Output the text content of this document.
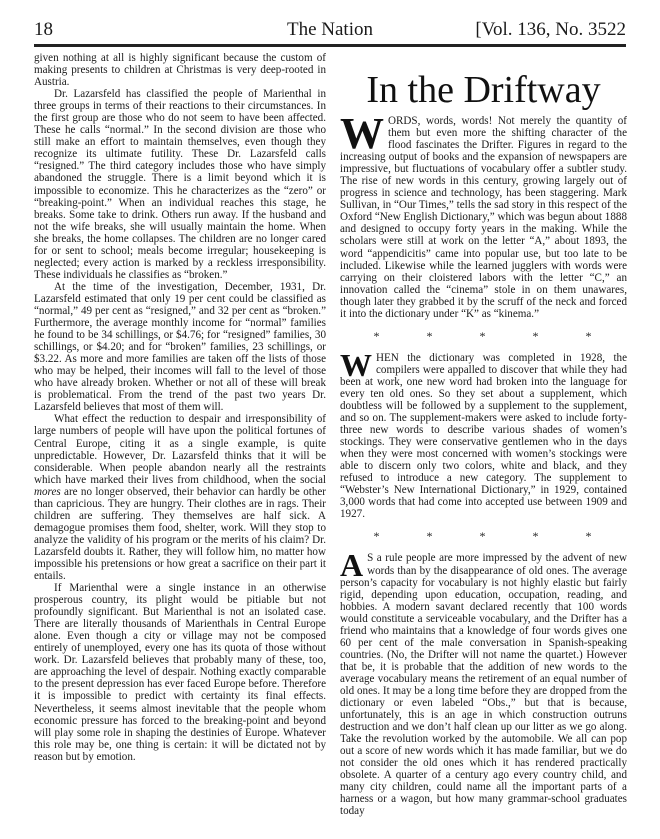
18	The Nation	[Vol. 136, No. 3522

given nothing at all is highly significant because the custom of making presents to children at Christmas is very deep-rooted in Austria.

Dr. Lazarsfeld has classified the people of Marienthal in three groups in terms of their reactions to their circumstances. In the first group are those who do not seem to have been affected. These he calls “normal.” In the second division are those who still make an effort to maintain themselves, even though they recognize its ultimate futility. These Dr. Lazarsfeld calls “resigned.” The third category includes those who have simply abandoned the struggle. There is a limit beyond which it is impossible to economize. This he characterizes as the “zero” or “breaking-point.” When an individual reaches this stage, he breaks. Some take to drink. Others run away. If the husband and not the wife breaks, she will usually maintain the home. When she breaks, the home collapses. The children are no longer cared for or sent to school; meals become irregular; housekeeping is neglected; every action is marked by a reckless irresponsibility. These individuals he classifies as “broken.”

At the time of the investigation, December, 1931, Dr. Lazarsfeld estimated that only 19 per cent could be classified as “normal,” 49 per cent as “resigned,” and 32 per cent as “broken.” Furthermore, the average monthly income for “normal” families he found to be 34 schillings, or $4.76; for “resigned” families, 30 schillings, or $4.20; and for “broken” families, 23 schillings, or $3.22. As more and more families are taken off the lists of those who may be helped, their incomes will fall to the level of those who have already broken. Whether or not all of these will break is problematical. From the trend of the past two years Dr. Lazarsfeld believes that most of them will.

What effect the reduction to despair and irresponsibility of large numbers of people will have upon the political fortunes of Central Europe, citing it as a single example, is quite unpredictable. However, Dr. Lazarsfeld thinks that it will be considerable. When people abandon nearly all the restraints which have marked their lives from childhood, when the social mores are no longer observed, their behavior can hardly be other than capricious. They are hungry. Their clothes are in rags. Their children are suffering. They themselves are half sick. A demagogue promises them food, shelter, work. Will they stop to analyze the validity of his program or the merits of his claim? Dr. Lazarsfeld doubts it. Rather, they will follow him, no matter how impossible his pretensions or how great a sacrifice on their part it entails.

If Marienthal were a single instance in an otherwise prosperous country, its plight would be pitiable but not profoundly significant. But Marienthal is not an isolated case. There are literally thousands of Marienthals in Central Europe alone. Even though a city or village may not be composed entirely of unemployed, every one has its quota of those without work. Dr. Lazarsfeld believes that probably many of these, too, are approaching the level of despair. Nothing exactly comparable to the present depression has ever faced Europe before. Therefore it is impossible to predict with certainty its final effects. Nevertheless, it seems almost inevitable that the people whom economic pressure has forced to the breaking-point and beyond will play some role in shaping the destinies of Europe. Whatever this role may be, one thing is certain: it will be dictated not by reason but by emotion.

In the Driftway

WORDS, words, words! Not merely the quantity of them but even more the shifting character of the flood fascinates the Drifter. Figures in regard to the increasing output of books and the expansion of newspapers are impressive, but fluctuations of vocabulary offer a subtler study. The rise of new words in this century, growing largely out of progress in science and technology, has been staggering. Mark Sullivan, in “Our Times,” tells the sad story in this respect of the Oxford “New English Dictionary,” which was begun about 1888 and designed to occupy forty years in the making. While the scholars were still at work on the letter “A,” about 1893, the word “appendicitis” came into popular use, but too late to be included. Likewise while the learned jugglers with words were carrying on their cloistered labors with the letter “C,” an innovation called the “cinema” stole in on them unawares, though later they grabbed it by the scruff of the neck and forced it into the dictionary under “K” as “kinema.”

* * * * *

WHEN the dictionary was completed in 1928, the compilers were appalled to discover that while they had been at work, one new word had broken into the language for every ten old ones. So they set about a supplement, which doubtless will be followed by a supplement to the supplement, and so on. The supplement-makers were asked to include forty-three new words to describe various shades of women’s stockings. They were conservative gentlemen who in the days when they were most concerned with women’s stockings were able to discern only two colors, white and black, and they refused to introduce a new category. The supplement to “Webster’s New International Dictionary,” in 1929, contained 3,000 words that had come into accepted use between 1909 and 1927.

* * * * *

A S a rule people are more impressed by the advent of new words than by the disappearance of old ones. The average person’s capacity for vocabulary is not highly elastic but fairly rigid, depending upon education, occupation, reading, and hobbies. A modern savant declared recently that 100 words would constitute a serviceable vocabulary, and the Drifter has a friend who maintains that a knowledge of four words gives one 60 per cent of the male conversation in Spanish-speaking countries. (No, the Drifter will not name the quartet.) However that be, it is probable that the addition of new words to the average vocabulary means the retirement of an equal number of old ones. It may be a long time before they are dropped from the dictionary or even labeled “Obs.,” but that is because, unfortunately, this is an age in which construction outruns destruction and we don’t half clean up our litter as we go along. Take the revolution worked by the automobile. We all can pop out a score of new words which it has made familiar, but we do not consider the old ones which it has rendered practically obsolete. A quarter of a century ago every country child, and many city children, could name all the important parts of a harness or a wagon, but how many grammar-school graduates today
